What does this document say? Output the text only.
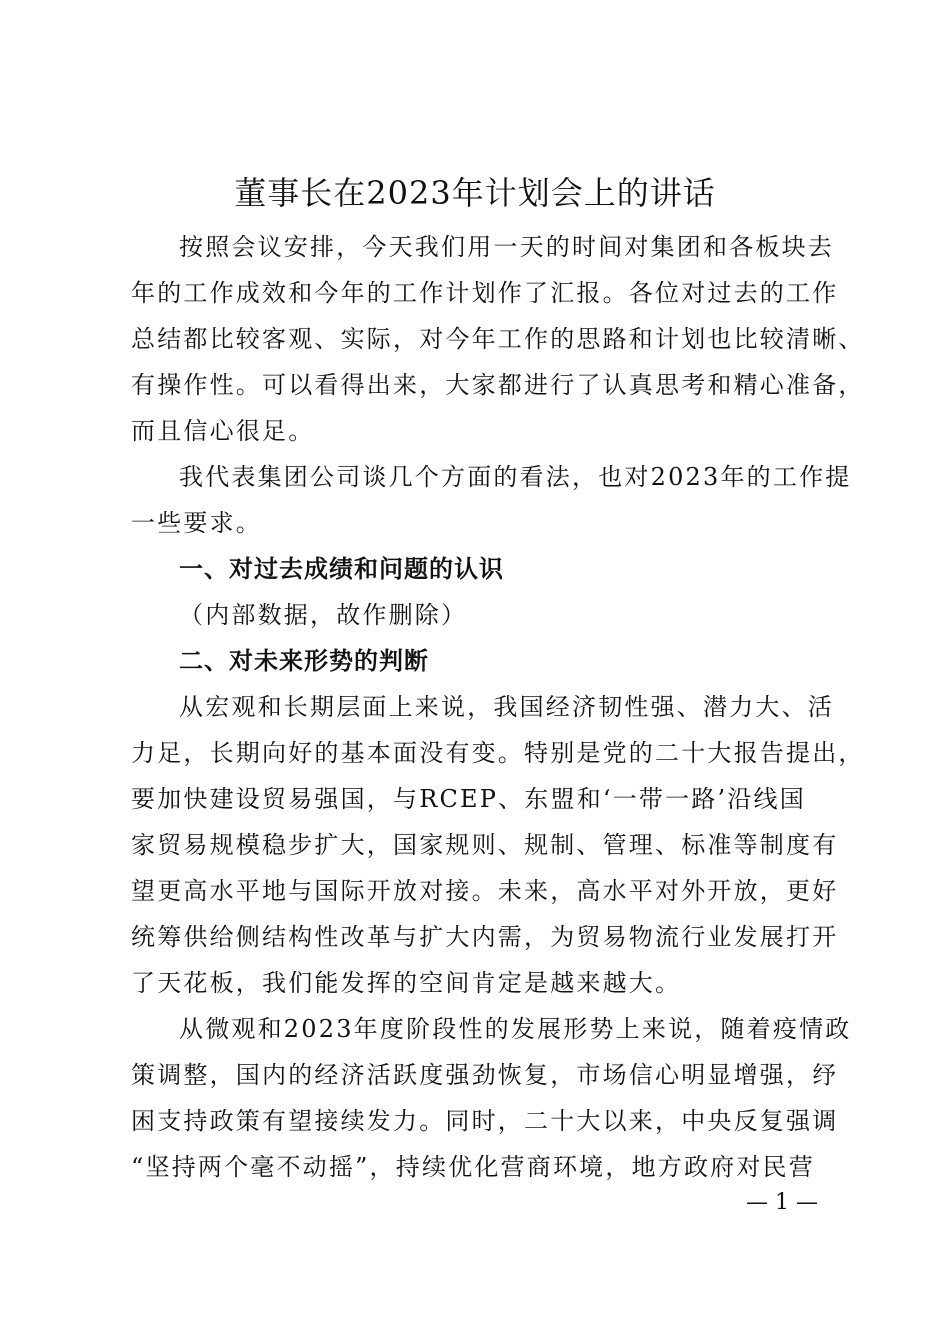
董事长在2023年计划会上的讲话
按照会议安排，今天我们用一天的时间对集团和各板块去
年的工作成效和今年的工作计划作了汇报。各位对过去的工作
总结都比较客观、实际，对今年工作的思路和计划也比较清晰、
有操作性。可以看得出来，大家都进行了认真思考和精心准备，
而且信心很足。
我代表集团公司谈几个方面的看法，也对2023年的工作提
一些要求。
一、对过去成绩和问题的认识
（内部数据，故作删除）
二、对未来形势的判断
从宏观和长期层面上来说，我国经济韧性强、潜力大、活
力足，长期向好的基本面没有变。特别是党的二十大报告提出，
要加快建设贸易强国，与RCEP、东盟和‘一带一路’沿线国
家贸易规模稳步扩大，国家规则、规制、管理、标准等制度有
望更高水平地与国际开放对接。未来，高水平对外开放，更好
统筹供给侧结构性改革与扩大内需，为贸易物流行业发展打开
了天花板，我们能发挥的空间肯定是越来越大。
从微观和2023年度阶段性的发展形势上来说，随着疫情政
策调整，国内的经济活跃度强劲恢复，市场信心明显增强，纾
困支持政策有望接续发力。同时，二十大以来，中央反复强调
“坚持两个毫不动摇”，持续优化营商环境，地方政府对民营
— 1 —
